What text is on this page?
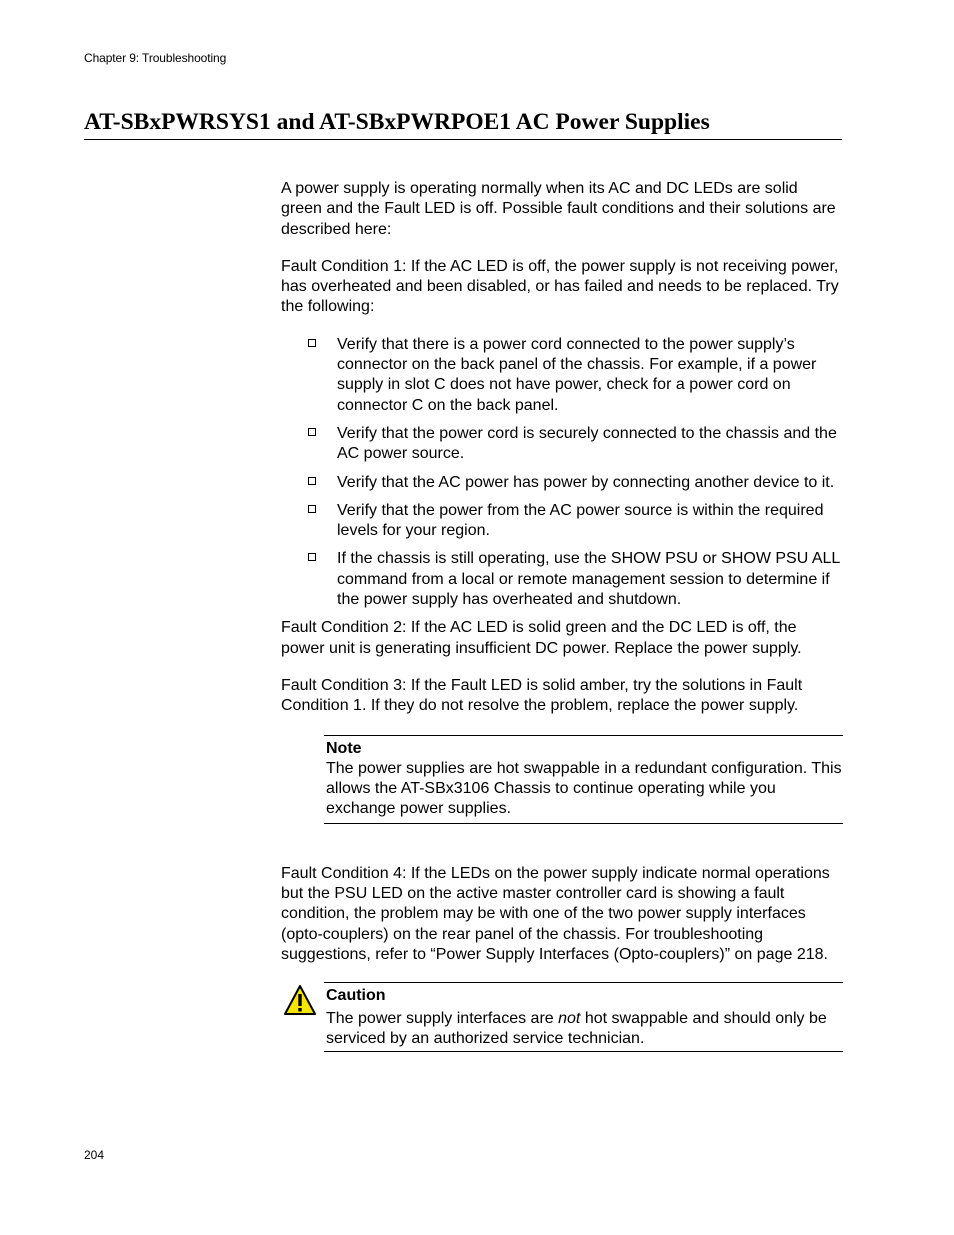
Chapter 9: Troubleshooting
AT-SBxPWRSYS1 and AT-SBxPWRPOE1 AC Power Supplies

A power supply is operating normally when its AC and DC LEDs are solid green and the Fault LED is off. Possible fault conditions and their solutions are described here:

Fault Condition 1: If the AC LED is off, the power supply is not receiving power, has overheated and been disabled, or has failed and needs to be replaced. Try the following:

Verify that there is a power cord connected to the power supply’s connector on the back panel of the chassis. For example, if a power supply in slot C does not have power, check for a power cord on connector C on the back panel.
Verify that the power cord is securely connected to the chassis and the AC power source.
Verify that the AC power has power by connecting another device to it.
Verify that the power from the AC power source is within the required levels for your region.
If the chassis is still operating, use the SHOW PSU or SHOW PSU ALL command from a local or remote management session to determine if the power supply has overheated and shutdown.

Fault Condition 2: If the AC LED is solid green and the DC LED is off, the power unit is generating insufficient DC power. Replace the power supply.

Fault Condition 3: If the Fault LED is solid amber, try the solutions in Fault Condition 1. If they do not resolve the problem, replace the power supply.

Note
The power supplies are hot swappable in a redundant configuration. This allows the AT-SBx3106 Chassis to continue operating while you exchange power supplies.

Fault Condition 4: If the LEDs on the power supply indicate normal operations but the PSU LED on the active master controller card is showing a fault condition, the problem may be with one of the two power supply interfaces (opto-couplers) on the rear panel of the chassis. For troubleshooting suggestions, refer to “Power Supply Interfaces (Opto-couplers)” on page 218.

Caution
The power supply interfaces are not hot swappable and should only be serviced by an authorized service technician.
204
